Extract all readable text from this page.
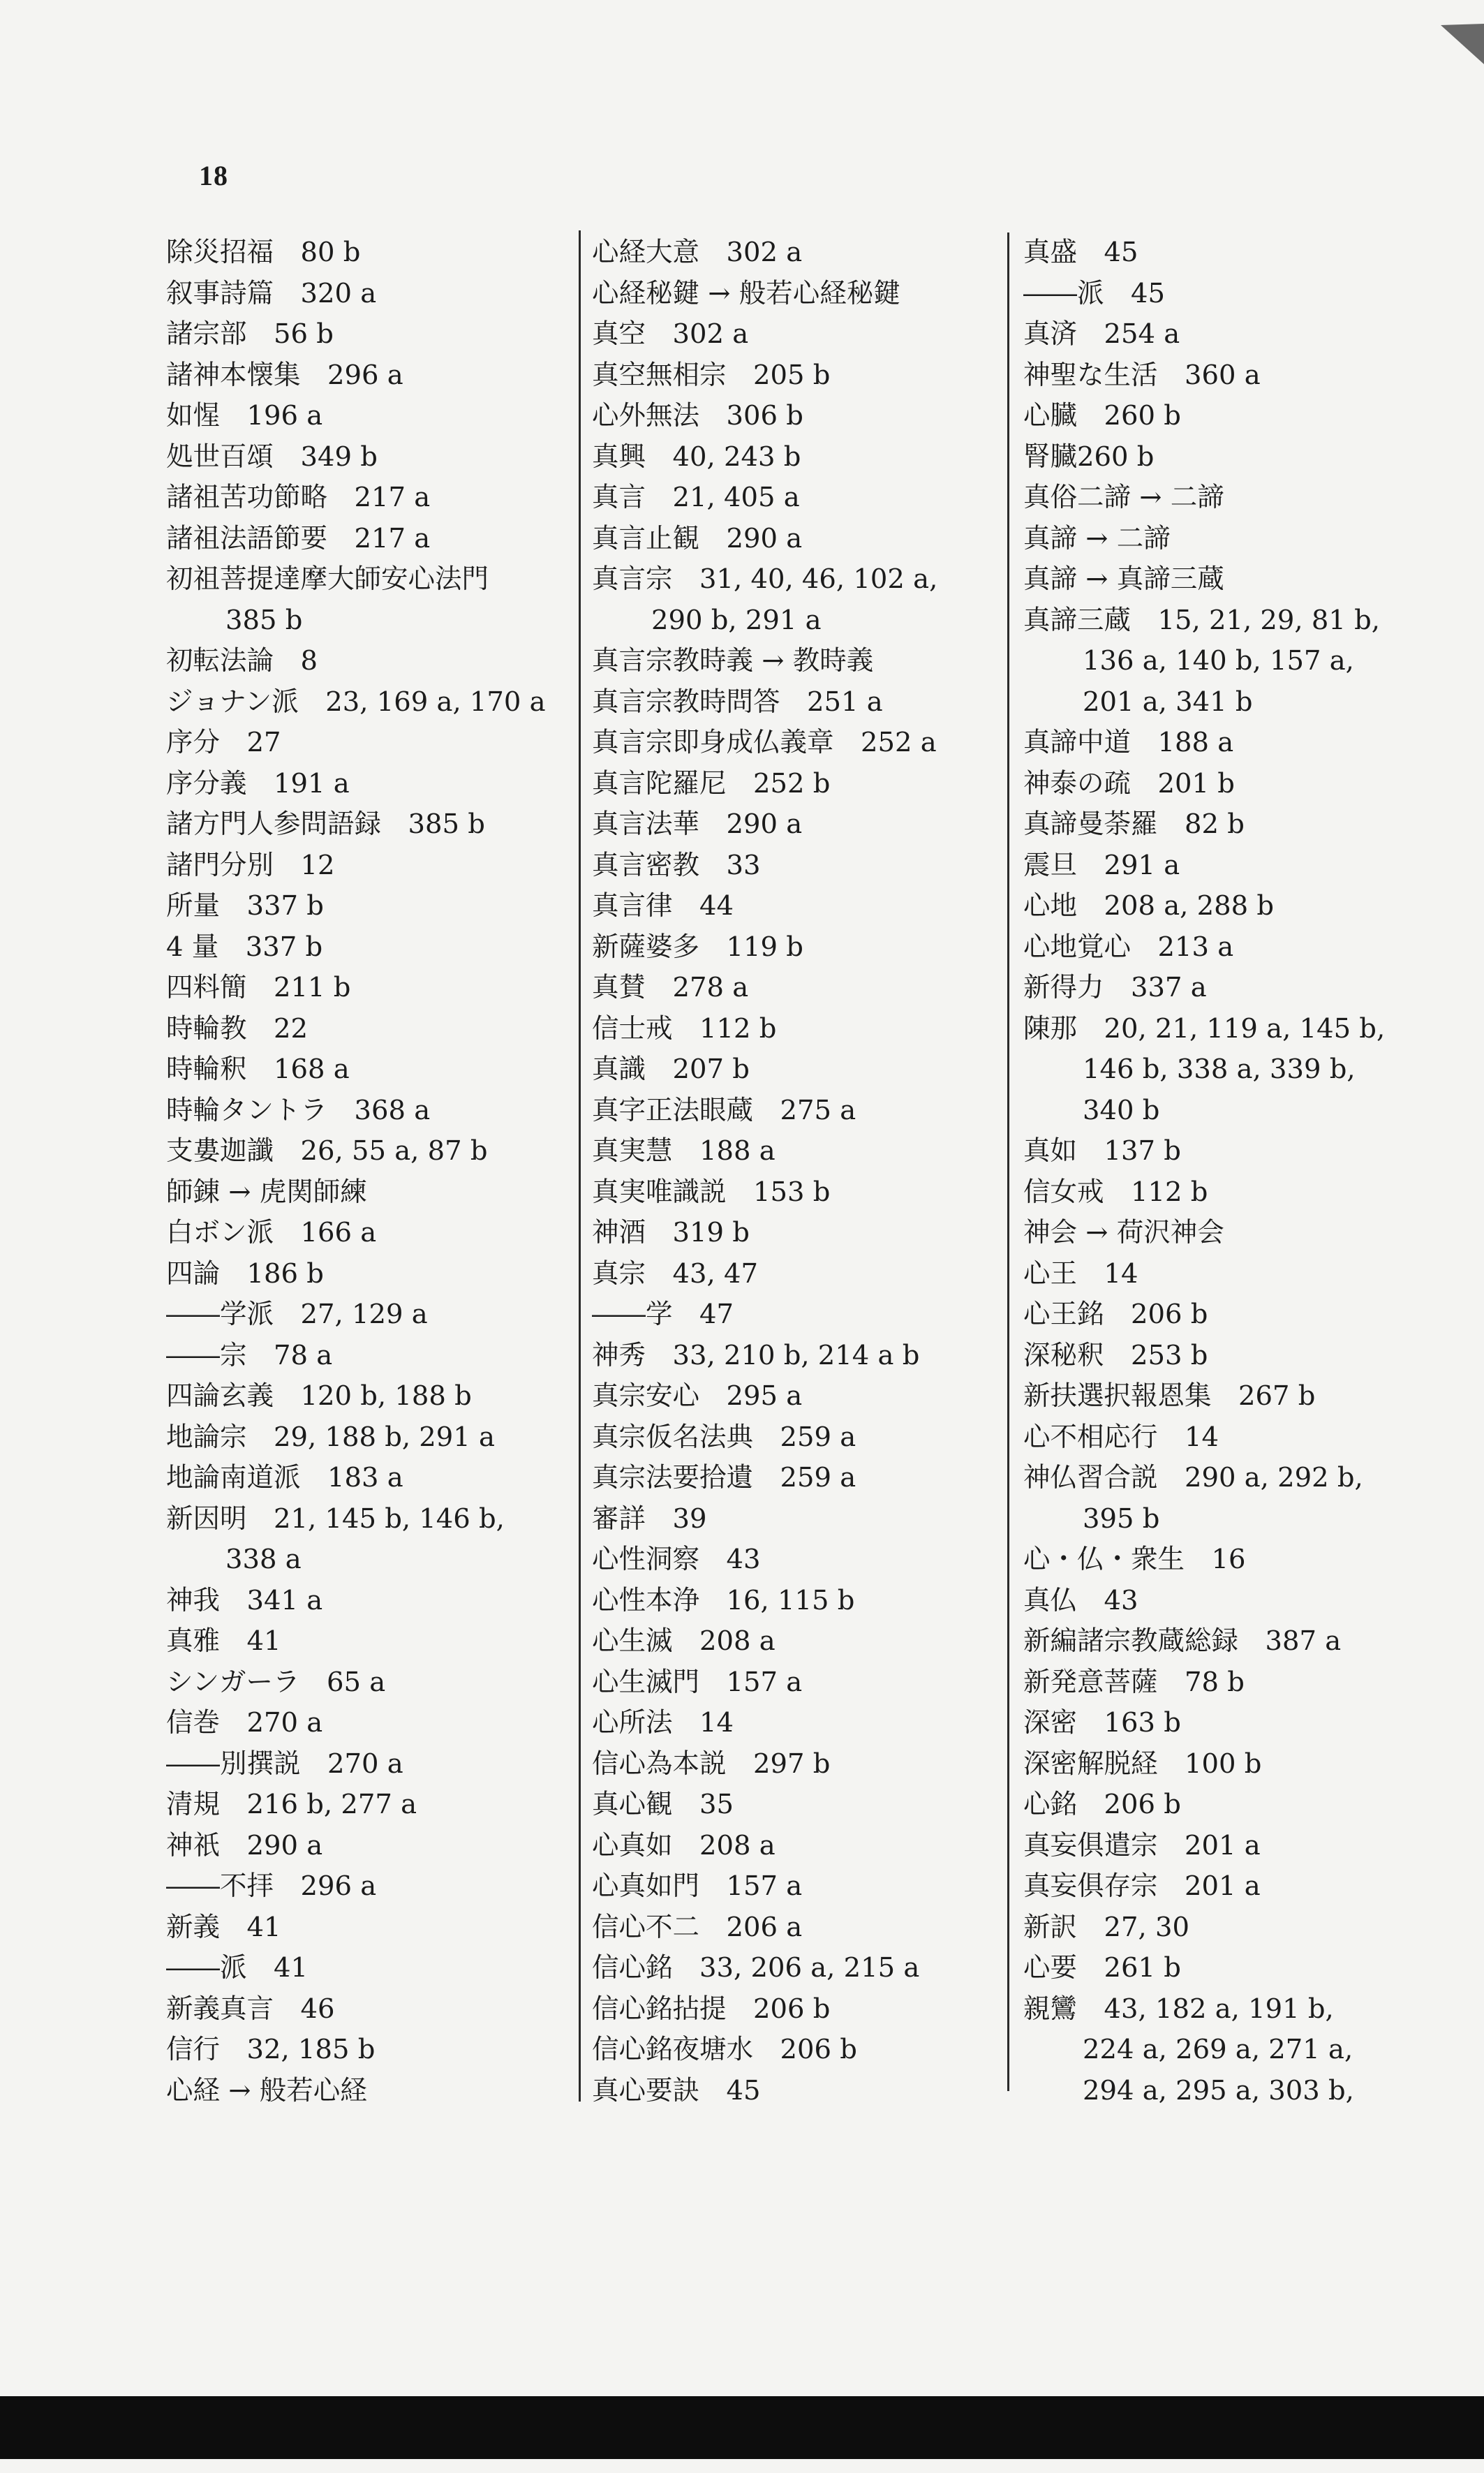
18
除災招福　80 b
叙事詩篇　320 a
諸宗部　56 b
諸神本懐集　296 a
如惺　196 a
処世百頌　349 b
諸祖苦功節略　217 a
諸祖法語節要　217 a
初祖菩提達摩大師安心法門
385 b
初転法論　8
ジョナン派　23, 169 a, 170 a
序分　27
序分義　191 a
諸方門人参問語録　385 b
諸門分別　12
所量　337 b
4 量　337 b
四料簡　211 b
時輪教　22
時輪釈　168 a
時輪タントラ　368 a
支婁迦讖　26, 55 a, 87 b
師錬 → 虎関師練
白ボン派　166 a
四論　186 b
――学派　27, 129 a
――宗　78 a
四論玄義　120 b, 188 b
地論宗　29, 188 b, 291 a
地論南道派　183 a
新因明　21, 145 b, 146 b,
338 a
神我　341 a
真雅　41
シンガーラ　65 a
信巻　270 a
――別撰説　270 a
清規　216 b, 277 a
神祇　290 a
――不拝　296 a
新義　41
――派　41
新義真言　46
信行　32, 185 b
心経 → 般若心経
心経大意　302 a
心経秘鍵 → 般若心経秘鍵
真空　302 a
真空無相宗　205 b
心外無法　306 b
真興　40, 243 b
真言　21, 405 a
真言止観　290 a
真言宗　31, 40, 46, 102 a,
290 b, 291 a
真言宗教時義 → 教時義
真言宗教時問答　251 a
真言宗即身成仏義章　252 a
真言陀羅尼　252 b
真言法華　290 a
真言密教　33
真言律　44
新薩婆多　119 b
真賛　278 a
信士戒　112 b
真識　207 b
真字正法眼蔵　275 a
真実慧　188 a
真実唯識説　153 b
神酒　319 b
真宗　43, 47
――学　47
神秀　33, 210 b, 214 a b
真宗安心　295 a
真宗仮名法典　259 a
真宗法要拾遺　259 a
審詳　39
心性洞察　43
心性本浄　16, 115 b
心生滅　208 a
心生滅門　157 a
心所法　14
信心為本説　297 b
真心観　35
心真如　208 a
心真如門　157 a
信心不二　206 a
信心銘　33, 206 a, 215 a
信心銘拈提　206 b
信心銘夜塘水　206 b
真心要訣　45
真盛　45
――派　45
真済　254 a
神聖な生活　360 a
心臓　260 b
腎臓260 b
真俗二諦 → 二諦
真諦 → 二諦
真諦 → 真諦三蔵
真諦三蔵　15, 21, 29, 81 b,
136 a, 140 b, 157 a,
201 a, 341 b
真諦中道　188 a
神泰の疏　201 b
真諦曼荼羅　82 b
震旦　291 a
心地　208 a, 288 b
心地覚心　213 a
新得力　337 a
陳那　20, 21, 119 a, 145 b,
146 b, 338 a, 339 b,
340 b
真如　137 b
信女戒　112 b
神会 → 荷沢神会
心王　14
心王銘　206 b
深秘釈　253 b
新扶選択報恩集　267 b
心不相応行　14
神仏習合説　290 a, 292 b,
395 b
心・仏・衆生　16
真仏　43
新編諸宗教蔵総録　387 a
新発意菩薩　78 b
深密　163 b
深密解脱経　100 b
心銘　206 b
真妄俱遣宗　201 a
真妄俱存宗　201 a
新訳　27, 30
心要　261 b
親鸞　43, 182 a, 191 b,
224 a, 269 a, 271 a,
294 a, 295 a, 303 b,
